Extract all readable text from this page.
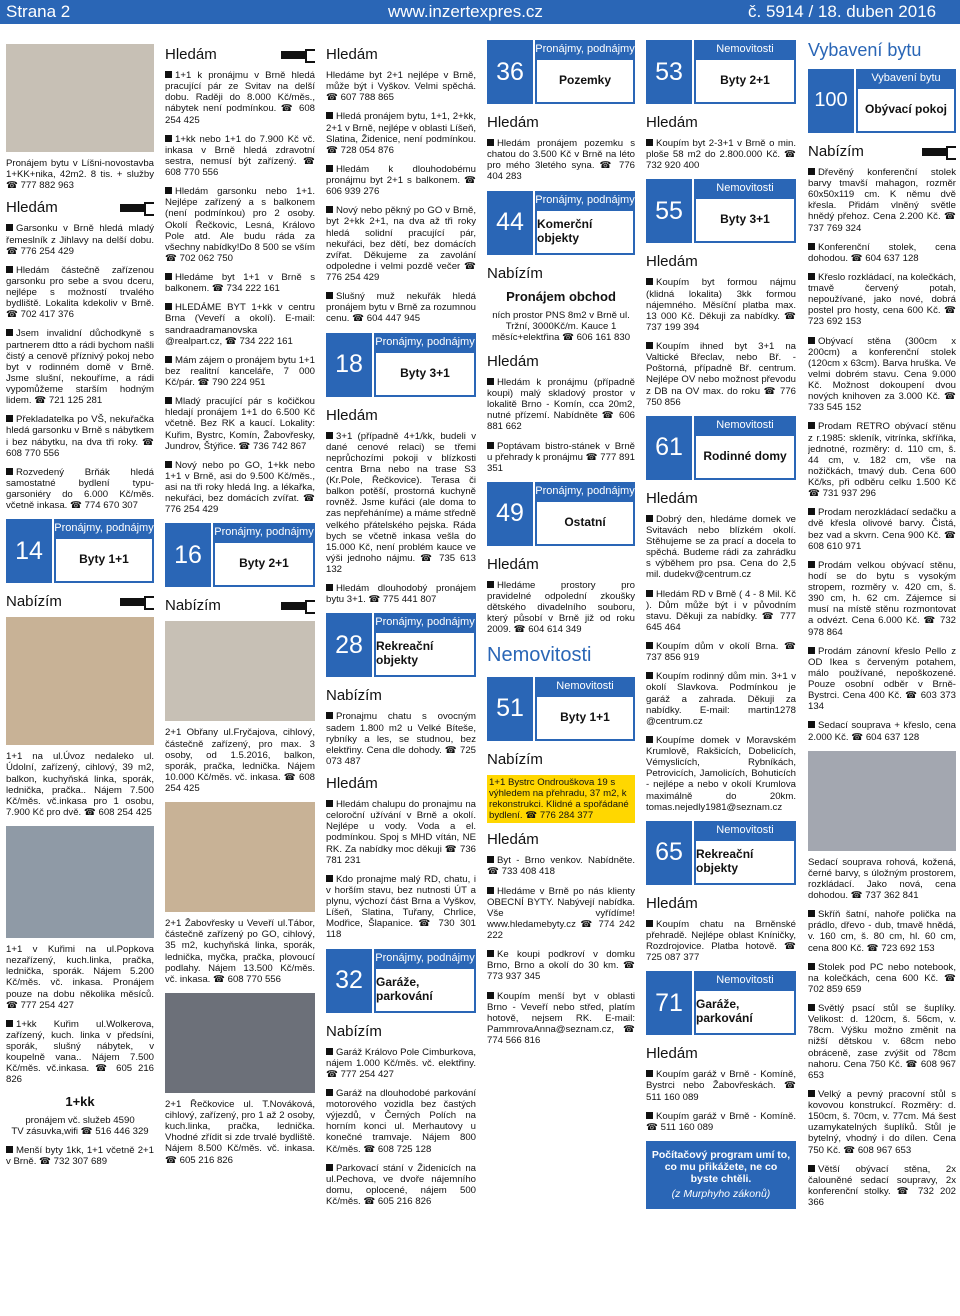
Strana 2	www.inzertexpres.cz	č. 5914 / 18. duben 2016

Pronájem bytu v Líšni-novostavba 1+KK+nika, 42m2. 8 tis. + služby ☎ 777 882 963

Hledám

Garsonku v Brně hledá mladý řemeslník z Jihlavy na delší dobu. ☎ 776 254 429

Hledám částečně zařízenou garsonku pro sebe a svou dceru, nejlépe s možností trvalého bydliště. Lokalita kdekoliv v Brně. ☎ 702 417 376

Jsem invalidní důchodkyně s partnerem dtto a rádi bychom našli čistý a cenově příznivý pokoj nebo byt v rodinném domě v Brně. Jsme slušní, nekouříme, a rádi vypomůžeme starším hodným lidem. ☎ 721 125 281

Překladatelka po VŠ, nekuřačka hledá garsonku v Brně s nábytkem i bez nábytku, na dva tři roky. ☎ 608 770 556

Rozvedený Brňák hledá samostatné bydlení typu-garsoniéry do 6.000 Kč/měs. včetně inkasa. ☎ 774 670 307

14
Pronájmy, podnájmy
Byty 1+1
Nabízím

1+1 na ul.Úvoz nedaleko ul. Údolní, zařízený, cihlový, 39 m2, balkon, kuchyňská linka, sporák, lednička, pračka.. Nájem 7.500 Kč/měs. vč.inkasa pro 1 osobu, 7.900 Kč pro dvě. ☎ 608 254 425

1+1 v Kuřimi na ul.Popkova nezařízený, kuch.linka, pračka, lednička, sporák. Nájem 5.200 Kč/měs. vč. inkasa. Pronájem pouze na dobu několika měsíců. ☎ 777 254 427

1+kk Kuřim ul.Wolkerova, zařízený, kuch. linka v předsíni, sporák, slušný nábytek, v koupelně vana.. Nájem 7.500 Kč/měs. vč.inkasa. ☎ 605 216 826

1+kk
pronájem vč. služeb 4590
TV zásuvka,wifi ☎ 516 446 329

Menší byty 1kk, 1+1 včetně 2+1 v Brně. ☎ 732 307 689

Hledám

1+1 k pronájmu v Brně hledá pracující pár ze Svitav na delší dobu. Raději do 8.000 Kč/měs., nábytek není podmínkou. ☎ 608 254 425

1+kk nebo 1+1 do 7.900 Kč vč. inkasa v Brně hledá zdravotní sestra, nemusí být zařízený. ☎ 608 770 556

Hledám garsonku nebo 1+1. Nejlépe zařízený a s balkonem (není podmínkou) pro 2 osoby. Okolí Řečkovic, Lesná, Královo Pole atd. Ale budu ráda za všechny nabídky!Do 8 500 se vším ☎ 702 062 750

Hledáme byt 1+1 v Brně s balkonem. ☎ 734 222 161

HLEDÁME BYT 1+kk v centru Brna (Veveří a okolí). E-mail: sandraadramanovska @realpart.cz, ☎ 734 222 161

Mám zájem o pronájem bytu 1+1 bez realitní kanceláře, 7 000 Kč/pár. ☎ 790 224 951

Mladý pracující pár s kočičkou hledají pronájem 1+1 do 6.500 Kč včetně. Bez RK a kaucí. Lokality: Kuřim, Bystrc, Komín, Žabovřesky, Jundrov, Štýřice. ☎ 736 742 867

Nový nebo po GO, 1+kk nebo 1+1 v Brně, asi do 9.500 Kč/měs., asi na tři roky hledá Ing. a lékařka, nekuřáci, bez domácích zvířat. ☎ 776 254 429

16
Pronájmy, podnájmy
Byty 2+1
Nabízím

2+1 Obřany ul.Fryčajova, cihlový, částečně zařízený, pro max. 3 osoby, od 1.5.2016, balkon, sporák, pračka, lednička. Nájem 10.000 Kč/měs. vč. inkasa. ☎ 608 254 425

2+1 Žabovřesky u Veveří ul.Tábor, částečně zařízený po GO, cihlový, 35 m2, kuchyňská linka, sporák, lednička, myčka, pračka, plovoucí podlahy. Nájem 13.500 Kč/měs. vč. inkasa. ☎ 608 770 556

2+1 Řečkovice ul. T.Nováková, cihlový, zařízený, pro 1 až 2 osoby, kuch.linka, pračka, lednička. Vhodné zřídit si zde trvalé bydliště. Nájem 8.500 Kč/měs. vč. inkasa. ☎ 605 216 826

Hledám

Hledáme byt 2+1 nejlépe v Brně, může být i Vyškov. Velmi spěchá. ☎ 607 788 865

Hledá pronájem bytu, 1+1, 2+kk, 2+1 v Brně, nejlépe v oblasti Líšeň, Slatina, Židenice, není podmínkou. ☎ 728 054 876

Hledám k dlouhodobému pronájmu byt 2+1 s balkonem. ☎ 606 939 276

Nový nebo pěkný po GO v Brně, byt 2+kk 2+1, na dva až tři roky hledá solidní pracující pár, nekuřáci, bez dětí, bez domácích zvířat. Děkujeme za zavolání odpoledne i velmi pozdě večer ☎ 776 254 429

Slušný muž nekuřák hledá pronájem bytu v Brně za rozumnou cenu. ☎ 604 447 945

18
Pronájmy, podnájmy
Byty 3+1
Hledám

3+1 (případně 4+1/kk, budeli v dané cenové relaci) se třemi neprůchozími pokoji v blízkosti centra Brna nebo na trase S3 (Kr.Pole, Řečkovice). Terasa či balkon potěší, prostorná kuchyně rovněž. Jsme kuřáci (ale doma to zas nepřeháníme) a máme středně velkého přátelského pejska. Ráda bych se včetně inkasa vešla do 15.000 Kč, není problém kauce ve výši jednoho nájmu. ☎ 735 613 132

Hledám dlouhodobý pronájem bytu 3+1. ☎ 775 441 807

28
Pronájmy, podnájmy
Rekreační objekty
Nabízím

Pronajmu chatu s ovocným sadem 1.800 m2 u Velké Bíteše, rybníky a les, se studnou, bez elektřiny. Cena dle dohody. ☎ 725 073 487

Hledám

Hledám chalupu do pronajmu na celoroční užívání v Brně a okolí. Nejlépe u vody. Voda a el. podmínkou. Spoj s MHD vítán, NE RK. Za nabídky moc děkuji ☎ 736 781 231

Kdo pronajme malý RD, chatu, i v horším stavu, bez nutnosti ÚT a plynu, výchozí část Brna a Vyškov, Líšeň, Slatina, Tuřany, Chrlice, Modřice, Šlapanice. ☎ 730 301 118

32
Pronájmy, podnájmy
Garáže, parkování
Nabízím

Garáž Královo Pole Cimburkova, nájem 1.000 Kč/měs. vč. elektřiny. ☎ 777 254 427

Garáž na dlouhodobé parkování motorového vozidla bez častých výjezdů, v Černých Polích na horním konci ul. Merhautovy u konečné tramvaje. Nájem 800 Kč/měs. ☎ 608 725 128

Parkovací stání v Židenicích na ul.Pechova, ve dvoře nájemního domu, oplocené, nájem 500 Kč/měs. ☎ 605 216 826

36
Pronájmy, podnájmy
Pozemky
Hledám

Hledám pronájem pozemku s chatou do 3.500 Kč v Brně na léto pro mého 3letého syna. ☎ 776 404 283

44
Pronájmy, podnájmy
Komerční objekty
Nabízím
Pronájem obchod
ních prostor PNS 8m2 v Brně ul. Tržní, 3000Kč/m. Kauce 1 měsíc+elektřina ☎ 606 161 830
Hledám

Hledám k pronájmu (případně koupi) malý skladový prostor v lokalitě Brno - Komín, cca 20m2, nutné přízemí. Nabídněte ☎ 606 881 662

Poptávam bistro-stánek v Brně u přehrady k pronájmu ☎ 777 891 351

49
Pronájmy, podnájmy
Ostatní
Hledám

Hledáme prostory pro pravidelné odpolední zkoušky dětského divadelního souboru, který působí v Brně již od roku 2009. ☎ 604 614 349

Nemovitosti
51
Nemovitosti
Byty 1+1
Nabízím
1+1 Bystrc Ondrouškova 19 s výhledem na přehradu, 37 m2, k rekonstrukci. Klidné a spořádané bydlení. ☎ 776 284 377
Hledám

Byt - Brno venkov. Nabídněte. ☎ 733 408 418

Hledáme v Brně po nás klienty OBECNÍ BYTY. Nabývejí nabídka. Vše vyřídíme! www.hledamebyty.cz ☎ 774 242 222

Ke koupi podkroví v domku Brno, Brno a okolí do 30 km. ☎ 773 937 345

Koupím menší byt v oblasti Brno - Veveří nebo střed, platím hotově, nejsem RK. E-mail: PammrovaAnna@seznam.cz, ☎ 774 566 816

53
Nemovitosti
Byty 2+1
Hledám

Koupím byt 2-3+1 v Brně o min. ploše 58 m2 do 2.800.000 Kč. ☎ 732 920 400

55
Nemovitosti
Byty 3+1
Hledám

Koupím byt formou nájmu (klidná lokalita) 3kk formou nájemného. Měsíční platba max. 13 000 Kč. Děkuji za nabídky. ☎ 737 199 394

Koupím ihned byt 3+1 na Valtické Břeclav, nebo Bř. - Poštorná, případně Bř. centrum. Nejlépe OV nebo možnost převodu z DB na OV max. do roku ☎ 776 750 856

61
Nemovitosti
Rodinné domy
Hledám

Dobrý den, hledáme domek ve Svitavách nebo blízkém okolí. Stěhujeme se za prací a docela to spěchá. Budeme rádi za zahrádku s výběhem pro psa. Cena do 2,5 mil. dudekv@centrum.cz

Hledám RD v Brně ( 4 - 8 Mil. Kč ). Dům může být i v původním stavu. Děkuji za nabídky. ☎ 777 645 464

Koupím dům v okolí Brna. ☎ 737 856 919

Koupím rodinný dům min. 3+1 v okolí Slavkova. Podmínkou je garáž a zahrada. Děkuji za nabídky. E-mail: martin1278 @centrum.cz

Koupíme domek v Moravském Krumlově, Rakšicích, Dobelicích, Vémyslicích, Rybníkách, Petrovicích, Jamolicích, Bohuticích - nejlépe a nebo v okolí Krumlova maximálně do 20km. tomas.nejedly1981@seznam.cz

65
Nemovitosti
Rekreační objekty
Hledám

Koupím chatu na Brněnské přehradě. Nejlépe oblast Kníničky, Rozdrojovice. Platba hotově. ☎ 725 087 377

71
Nemovitosti
Garáže, parkování
Hledám

Koupím garáž v Brně - Komíně, Bystrci nebo Žabovřeskách. ☎ 511 160 089

Koupím garáž v Brně - Komíně. ☎ 511 160 089

Počítačový program umí to, co mu přikážete, ne co byste chtěli.
(z Murphyho zákonů)
Vybavení bytu
100
Vybavení bytu
Obývací pokoj
Nabízím

Dřevěný konferenční stolek barvy tmavší mahagon, rozměr 60x50x119 cm. K němu dvě křesla. Přidám vlněný světle hnědý přehoz. Cena 2.200 Kč. ☎ 737 769 324

Konferenční stolek, cena dohodou. ☎ 604 637 128

Křeslo rozkládací, na kolečkách, tmavě červený potah, nepoužívané, jako nové, dobrá postel pro hosty, cena 600 Kč. ☎ 723 692 153

Obývací stěna (300cm x 200cm) a konferenční stolek (120cm x 63cm). Barva hruška. Ve velmi dobrém stavu. Cena 9.000 Kč. Možnost dokoupení dvou nových knihoven za 3.000 Kč. ☎ 733 545 152

Prodam RETRO obývací stěnu z r.1985: skleník, vitrínka, skříňka, jednotné, rozměry: d. 110 cm, š. 44 cm, v. 182 cm, vše na nožičkách, tmavý dub. Cena 600 Kč/ks, při odběru celku 1.500 Kč ☎ 731 937 296

Prodam nerozkládací sedačku a dvě křesla olivové barvy. Čistá, bez vad a skvrn. Cena 900 Kč. ☎ 608 610 971

Prodám velkou obývací stěnu, hodí se do bytu s vysokým stropem, rozměry v. 420 cm, š. 390 cm, h. 62 cm. Zájemce si musí na místě stěnu rozmontovat a odvézt. Cena 6.000 Kč. ☎ 732 978 864

Prodám zánovní křeslo Pello z OD Ikea s červeným potahem, málo používané, nepoškozené. Pouze osobní odběr v Brně-Bystrci. Cena 400 Kč. ☎ 603 373 134

Sedací souprava + křeslo, cena 2.000 Kč. ☎ 604 637 128

Sedací souprava rohová, kožená, černé barvy, s úložným prostorem, rozkládací. Jako nová, cena dohodou. ☎ 737 362 841

Skříň šatní, nahoře polička na prádlo, dřevo - dub, tmavě hnědá, v. 160 cm, š. 80 cm, hl. 60 cm, cena 800 Kč. ☎ 723 692 153

Stolek pod PC nebo notebook, na kolečkách, cena 600 Kč. ☎ 702 859 659

Světlý psací stůl se šuplíky. Velikost: d. 120cm, š. 56cm, v. 78cm. Výšku možno změnit na nižší dětskou v. 68cm nebo obráceně, zase zvýšit od 78cm nahoru. Cena 750 Kč. ☎ 608 967 653

Velký a pevný pracovní stůl s kovovou konstrukcí. Rozměry: d. 150cm, š. 70cm, v. 77cm. Má šest uzamykatelných šuplíků. Stůl je bytelný, vhodný i do dílen. Cena 750 Kč. ☎ 608 967 653

Větší obývací stěna, 2x čalouněné sedací soupravy, 2x konferenční stolky. ☎ 732 202 366
